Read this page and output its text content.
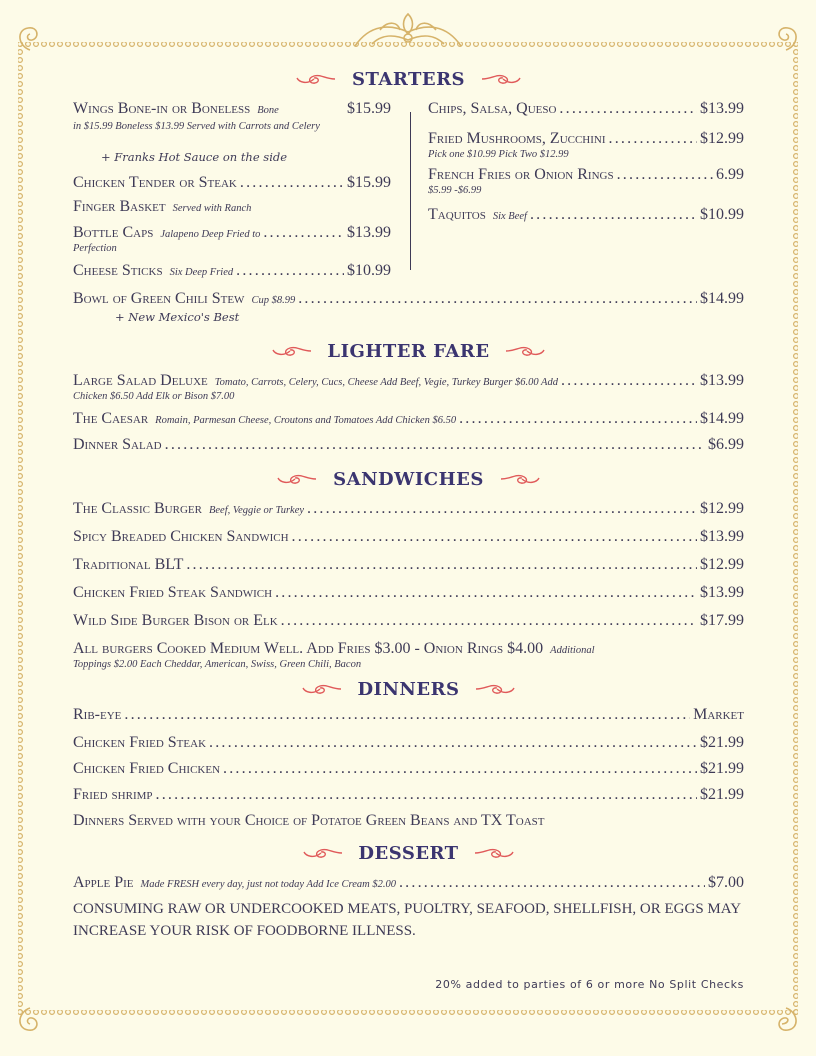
STARTERS
Wings Bone-in or Boneless Bone	$15.99
in $15.99 Boneless $13.99 Served with Carrots and Celery
+ Franks Hot Sauce on the side
Chicken Tender or Steak .....	$15.99
Finger Basket Served with Ranch
Bottle Caps Jalapeno Deep Fried to .....	$13.99
Perfection
Cheese Sticks Six Deep Fried .....	$10.99
Chips, Salsa, Queso .....	$13.99
Fried Mushrooms, Zucchini .....	$12.99
Pick one $10.99 Pick Two $12.99
French Fries or Onion Rings .....	6.99
$5.99 -$6.99
Taquitos Six Beef .....	$10.99
Bowl of Green Chili Stew Cup $8.99 .....	$14.99
+ New Mexico's Best
LIGHTER FARE
Large Salad Deluxe Tomato, Carrots, Celery, Cucs, Cheese Add Beef, Vegie, Turkey Burger $6.00 Add .....	$13.99
Chicken $6.50 Add Elk or Bison $7.00
The Caesar Romain, Parmesan Cheese, Croutons and Tomatoes Add Chicken $6.50 .....	$14.99
Dinner Salad .....	$6.99
SANDWICHES
The Classic Burger Beef, Veggie or Turkey .....	$12.99
Spicy Breaded Chicken Sandwich .....	$13.99
Traditional BLT .....	$12.99
Chicken Fried Steak Sandwich .....	$13.99
Wild Side Burger Bison or Elk .....	$17.99
All burgers Cooked Medium Well. Add Fries $3.00 - Onion Rings $4.00 Additional
Toppings $2.00 Each Cheddar, American, Swiss, Green Chili, Bacon
DINNERS
Rib-eye .....	Market
Chicken Fried Steak .....	$21.99
Chicken Fried Chicken .....	$21.99
Fried shrimp .....	$21.99
Dinners Served with your Choice of Potatoe Green Beans and TX Toast
DESSERT
Apple Pie Made FRESH every day, just not today Add Ice Cream $2.00 .....	$7.00
CONSUMING RAW OR UNDERCOOKED MEATS, PUOLTRY, SEAFOOD, SHELLFISH, OR EGGS MAY INCREASE YOUR RISK OF FOODBORNE ILLNESS.
20% added to parties of 6 or more No Split Checks
